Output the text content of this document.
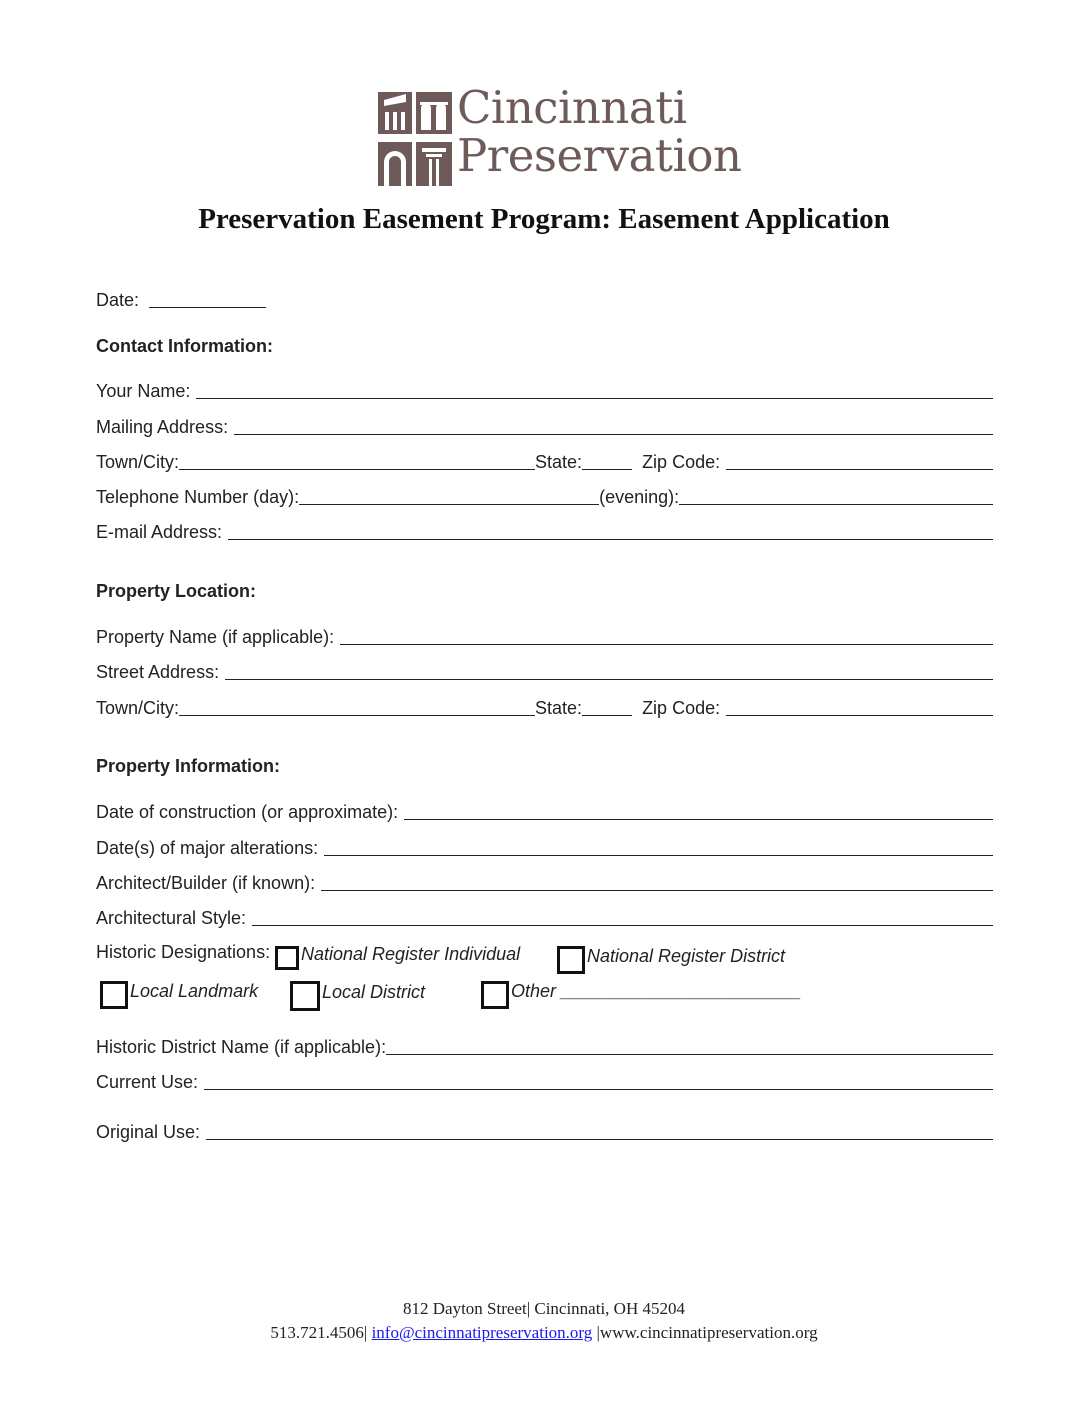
Cincinnati
Preservation
Preservation Easement Program: Easement Application
Date:
Contact Information:
Your Name:
Mailing Address:
Town/City:	State:	Zip Code:
Telephone Number (day):	(evening):
E-mail Address:
Property Location:
Property Name (if applicable):
Street Address:
Town/City:	State:	Zip Code:
Property Information:
Date of construction (or approximate):
Date(s) of major alterations:
Architect/Builder (if known):
Architectural Style:
Historic Designations: National Register Individual	National Register District
Local Landmark	Local District	Other ________________________
Historic District Name (if applicable):
Current Use:
Original Use:
812 Dayton Street| Cincinnati, OH 45204
513.721.4506| info@cincinnatipreservation.org |www.cincinnatipreservation.org
